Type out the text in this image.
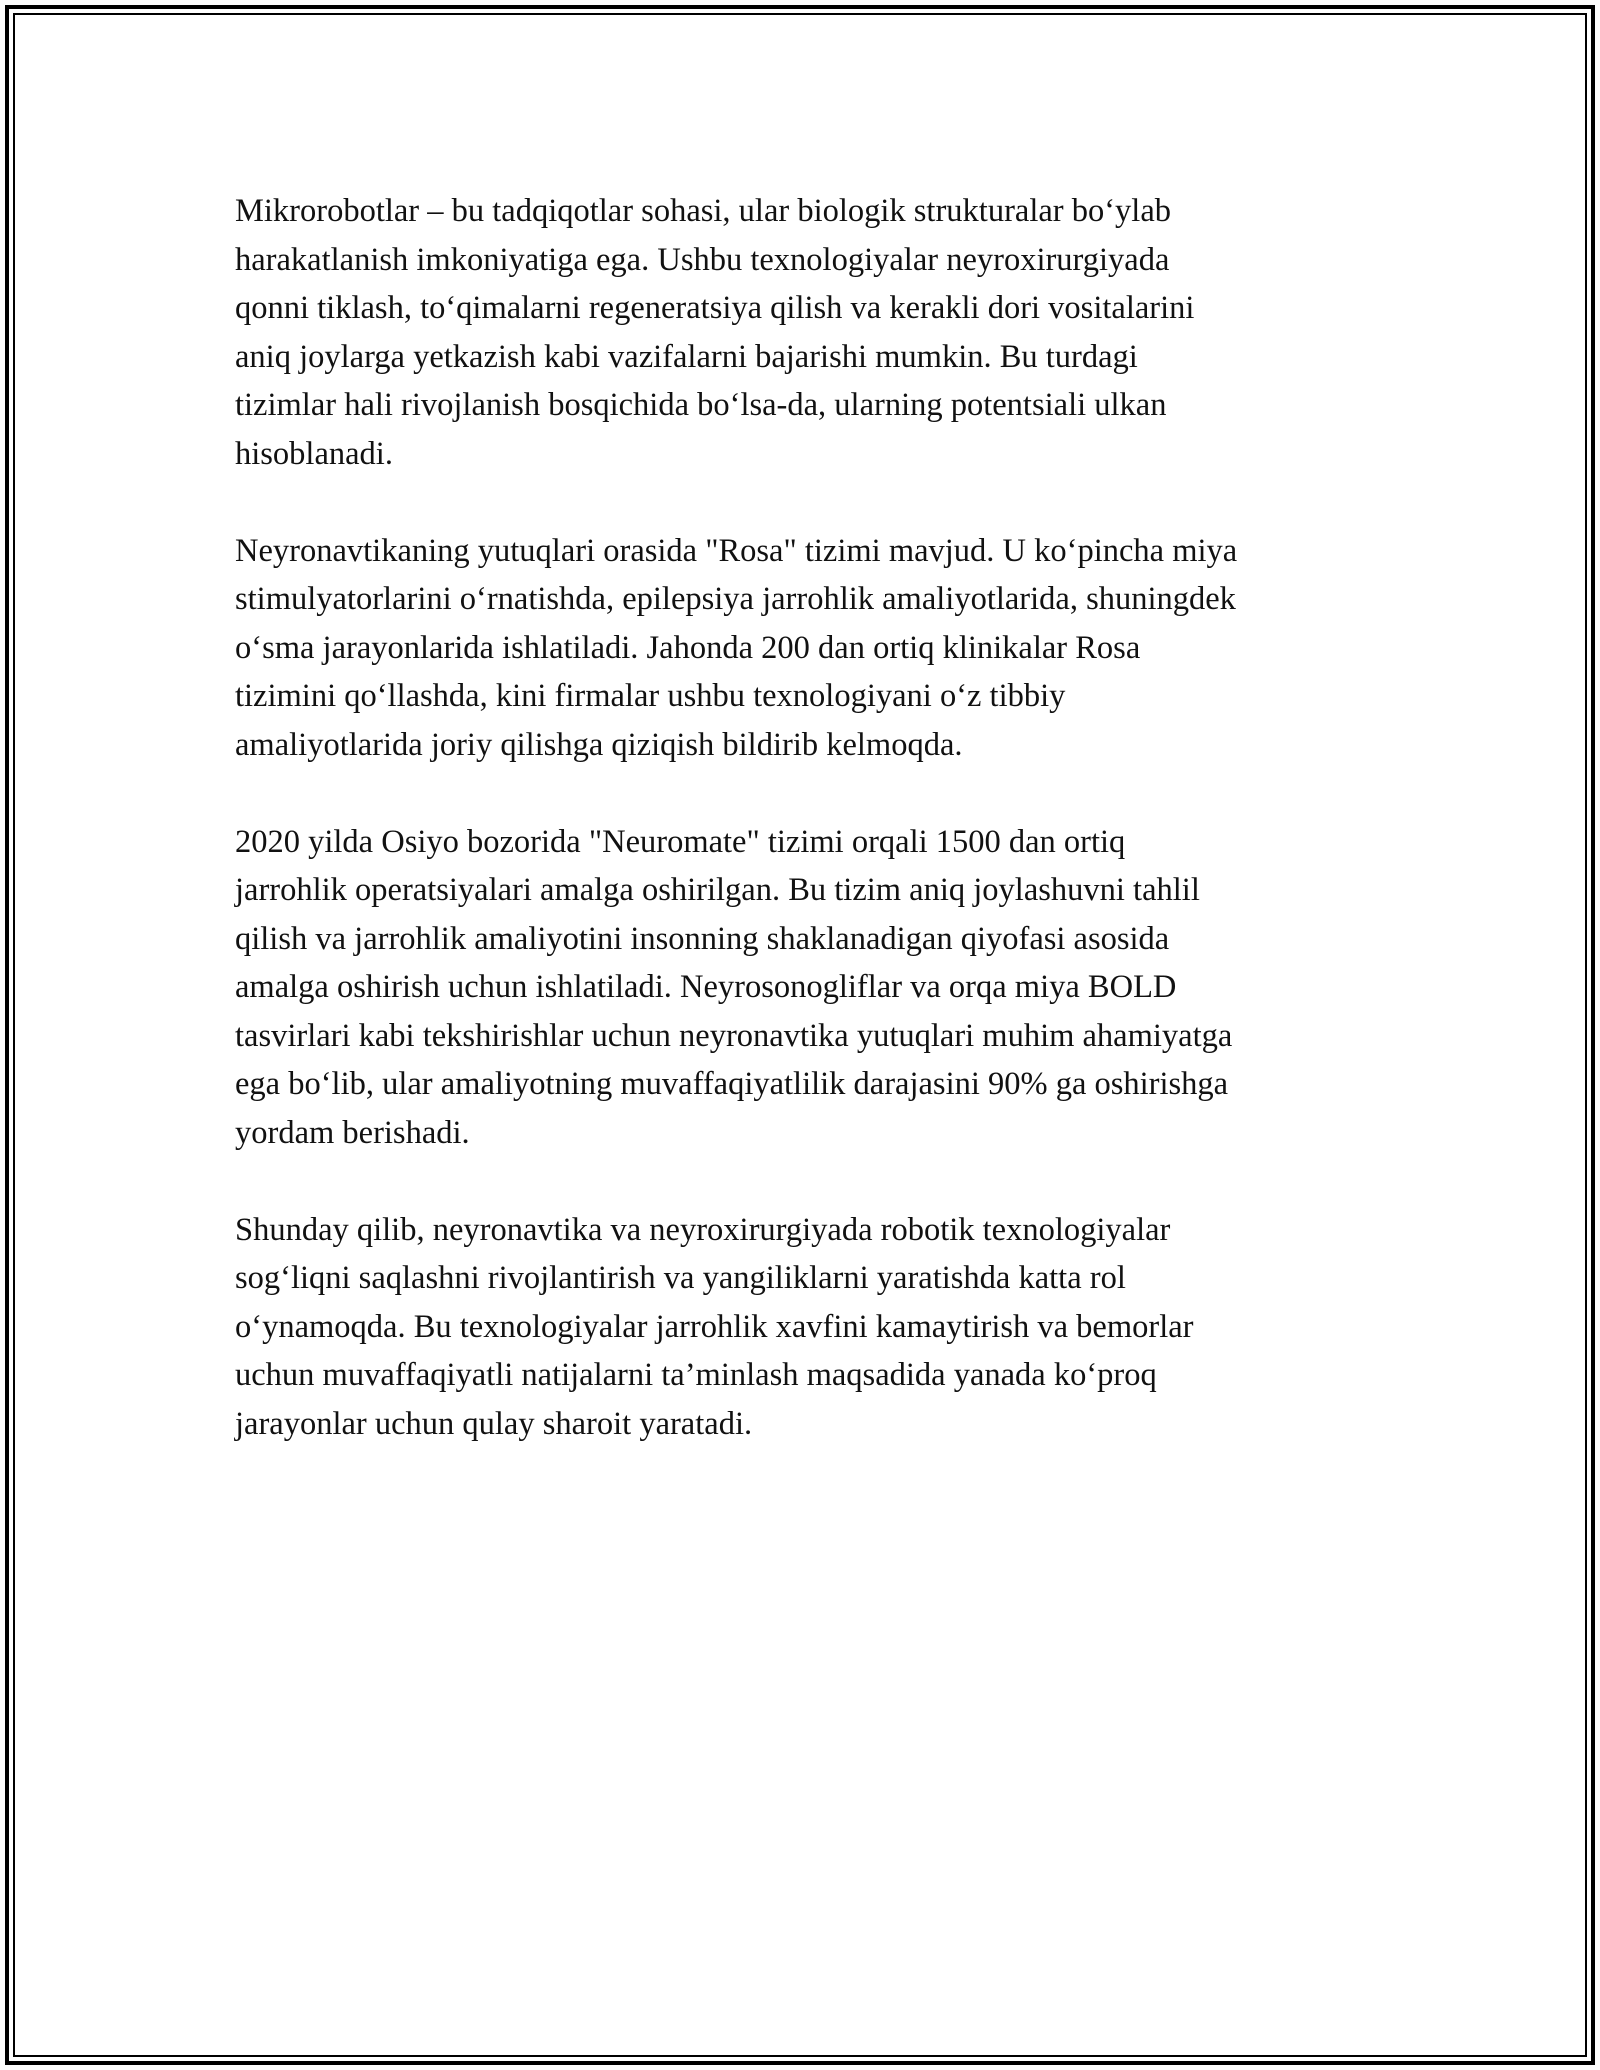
Mikrorobotlar – bu tadqiqotlar sohasi, ular biologik strukturalar bo‘ylab
harakatlanish imkoniyatiga ega. Ushbu texnologiyalar neyroxirurgiyada
qonni tiklash, to‘qimalarni regeneratsiya qilish va kerakli dori vositalarini
aniq joylarga yetkazish kabi vazifalarni bajarishi mumkin. Bu turdagi
tizimlar hali rivojlanish bosqichida bo‘lsa-da, ularning potentsiali ulkan
hisoblanadi.

Neyronavtikaning yutuqlari orasida "Rosa" tizimi mavjud. U ko‘pincha miya
stimulyatorlarini o‘rnatishda, epilepsiya jarrohlik amaliyotlarida, shuningdek
o‘sma jarayonlarida ishlatiladi. Jahonda 200 dan ortiq klinikalar Rosa
tizimini qo‘llashda, kini firmalar ushbu texnologiyani o‘z tibbiy
amaliyotlarida joriy qilishga qiziqish bildirib kelmoqda.

2020 yilda Osiyo bozorida "Neuromate" tizimi orqali 1500 dan ortiq
jarrohlik operatsiyalari amalga oshirilgan. Bu tizim aniq joylashuvni tahlil
qilish va jarrohlik amaliyotini insonning shaklanadigan qiyofasi asosida
amalga oshirish uchun ishlatiladi. Neyrosonogliflar va orqa miya BOLD
tasvirlari kabi tekshirishlar uchun neyronavtika yutuqlari muhim ahamiyatga
ega bo‘lib, ular amaliyotning muvaffaqiyatlilik darajasini 90% ga oshirishga
yordam berishadi.

Shunday qilib, neyronavtika va neyroxirurgiyada robotik texnologiyalar
sog‘liqni saqlashni rivojlantirish va yangiliklarni yaratishda katta rol
o‘ynamoqda. Bu texnologiyalar jarrohlik xavfini kamaytirish va bemorlar
uchun muvaffaqiyatli natijalarni ta’minlash maqsadida yanada ko‘proq
jarayonlar uchun qulay sharoit yaratadi.
